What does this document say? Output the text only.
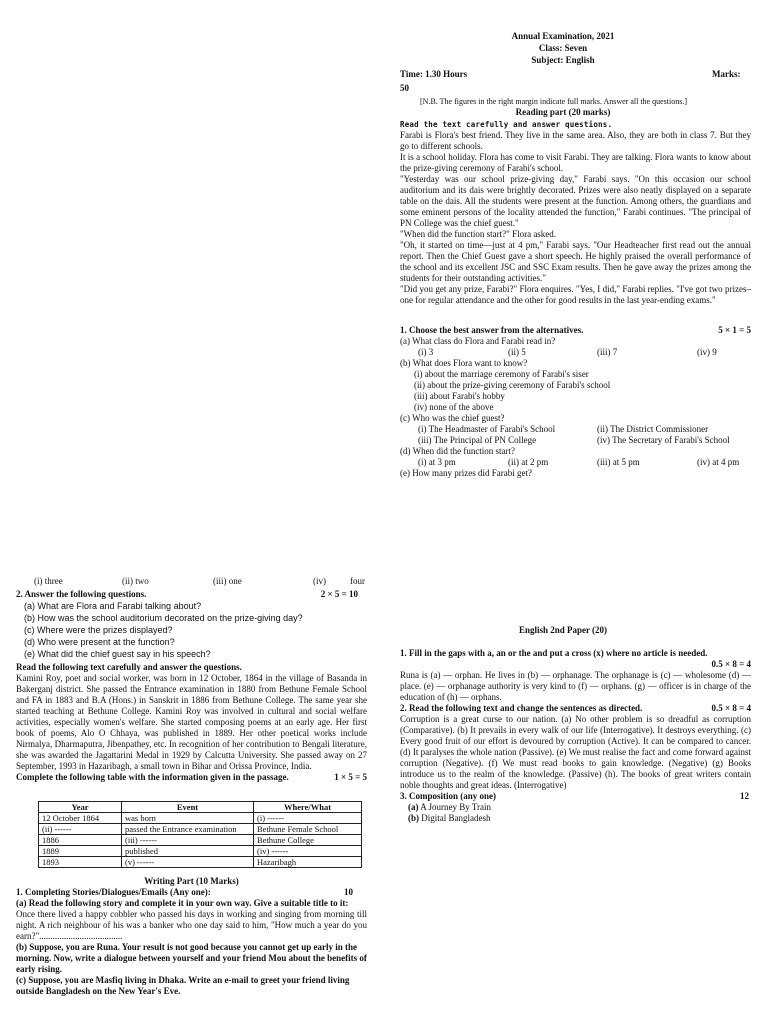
Annual Examination, 2021
Class: Seven
Subject: English
Time: 1.30 Hours	Marks:
50
[N.B. The figures in the right margin indicate full marks. Answer all the questions.]
Reading part (20 marks)
Read the text carefully and answer questions.
Farabi is Flora's best friend. They live in the same area. Also, they are both in class 7. But they go to different schools.
It is a school holiday. Flora has come to visit Farabi. They are talking. Flora wants to know about the prize-giving ceremony of Farabi's school.
"Yesterday was our school prize-giving day," Farabi says. "On this occasion our school auditorium and its dais were brightly decorated. Prizes were also neatly displayed on a separate table on the dais. All the students were present at the function. Among others, the guardians and some eminent persons of the locality attended the function," Farabi continues. "The principal of PN College was the chief guest."
"When did the function start?" Flora asked.
"Oh, it started on time—just at 4 pm," Farabi says. "Our Headteacher first read out the annual report. Then the Chief Guest gave a short speech. He highly praised the overall performance of the school and its excellent JSC and SSC Exam results. Then he gave away the prizes among the students for their outstanding activities."
"Did you get any prize, Farabi?" Flora enquires. "Yes, I did," Farabi replies. "I've got two prizes–one for regular attendance and the other for good results in the last year-ending exams."
1. Choose the best answer from the alternatives.	5 × 1 = 5
(a) What class do Flora and Farabi read in?
(i) 3	(ii) 5	(iii) 7	(iv) 9
(b) What does Flora want to know?
(i) about the marriage ceremony of Farabi's siser
(ii) about the prize-giving ceremony of Farabi's school
(iii) about Farabi's hobby
(iv) none of the above
(c) Who was the chief guest?
(i) The Headmaster of Farabi's School	(ii) The District Commissioner
(iii) The Principal of PN College	(iv) The Secretary of Farabi's School
(d) When did the function start?
(i) at 3 pm	(ii) at 2 pm	(iii) at 5 pm	(iv) at 4 pm
(e) How many prizes did Farabi get?
(i) three	(ii) two	(iii) one	(iv)	four
2. Answer the following questions.	2 × 5 = 10
(a) What are Flora and Farabi talking about?
(b) How was the school auditorium decorated on the prize-giving day?
(c) Where were the prizes displayed?
(d) Who were present at the function?
(e) What did the chief guest say in his speech?
Read the following text carefully and answer the questions.
Kamini Roy, poet and social worker, was born in 12 October, 1864 in the village of Basanda in Bakerganj district. She passed the Entrance examination in 1880 from Bethune Female School and FA in 1883 and B.A (Hons.) in Sanskrit in 1886 from Bethune College. The same year she started teaching at Bethune College. Kamini Roy was involved in cultural and social welfare activities, especially women's welfare. She started composing poems at an early age. Her first book of poems, Alo O Chhaya, was published in 1889. Her other poetical works include Nirmalya, Dharmaputra, Jibenpathey, etc. In recognition of her contribution to Bengali literature, she was awarded the Jagattarini Medal in 1929 by Calcutta University. She passed away on 27 September, 1993 in Hazaribagh, a small town in Bihar and Orissa Province, India.
Complete the following table with the information given in the passage.	1 × 5 = 5
Year	Event	Where/What
12 October 1864	was born	(i) ------
(ii) ------	passed the Entrance examination	Bethune Female School
1886	(iii) ------	Bethune College
1889	published	(iv) ------
1893	(v) ------	Hazaribagh
Writing Part (10 Marks)
1. Completing Stories/Dialogues/Emails (Any one):	10
(a) Read the following story and complete it in your own way. Give a suitable title to it:
Once there lived a happy cobbler who passed his days in working and singing from morning till night. A rich neighbour of his was a banker who one day said to him, "How much a year do you earn?".....................................
(b) Suppose, you are Runa. Your result is not good because you cannot get up early in the morning. Now, write a dialogue between yourself and your friend Mou about the benefits of early rising.
(c) Suppose, you are Masfiq living in Dhaka. Write an e-mail to greet your friend living outside Bangladesh on the New Year's Eve.
English 2nd Paper (20)
1. Fill in the gaps with a, an or the and put a cross (x) where no article is needed.
0.5 × 8 = 4
Runa is (a) — orphan. He lives in (b) — orphanage. The orphanage is (c) — wholesome (d) — place. (e) — orphanage authority is very kind to (f) — orphans. (g) — officer is in charge of the education of (h) — orphans.
2. Read the following text and change the sentences as directed.	0.5 × 8 = 4
Corruption is a great curse to our nation. (a) No other problem is so dreadful as corruption (Comparative). (b) It prevails in every walk of our life (Interrogative). It destroys everything. (c) Every good fruit of our effort is devoured by corruption (Active). It can be compared to cancer. (d) It paralyses the whole nation (Passive). (e) We must realise the fact and come forward against corruption (Negative). (f) We must read books to gain knowledge. (Negative) (g) Books introduce us to the realm of the knowledge. (Passive) (h). The books of great writers contain noble thoughts and great ideas. (Interrogative)
3. Composition (any one)	12
(a) A Journey By Train
(b) Digital Bangladesh
